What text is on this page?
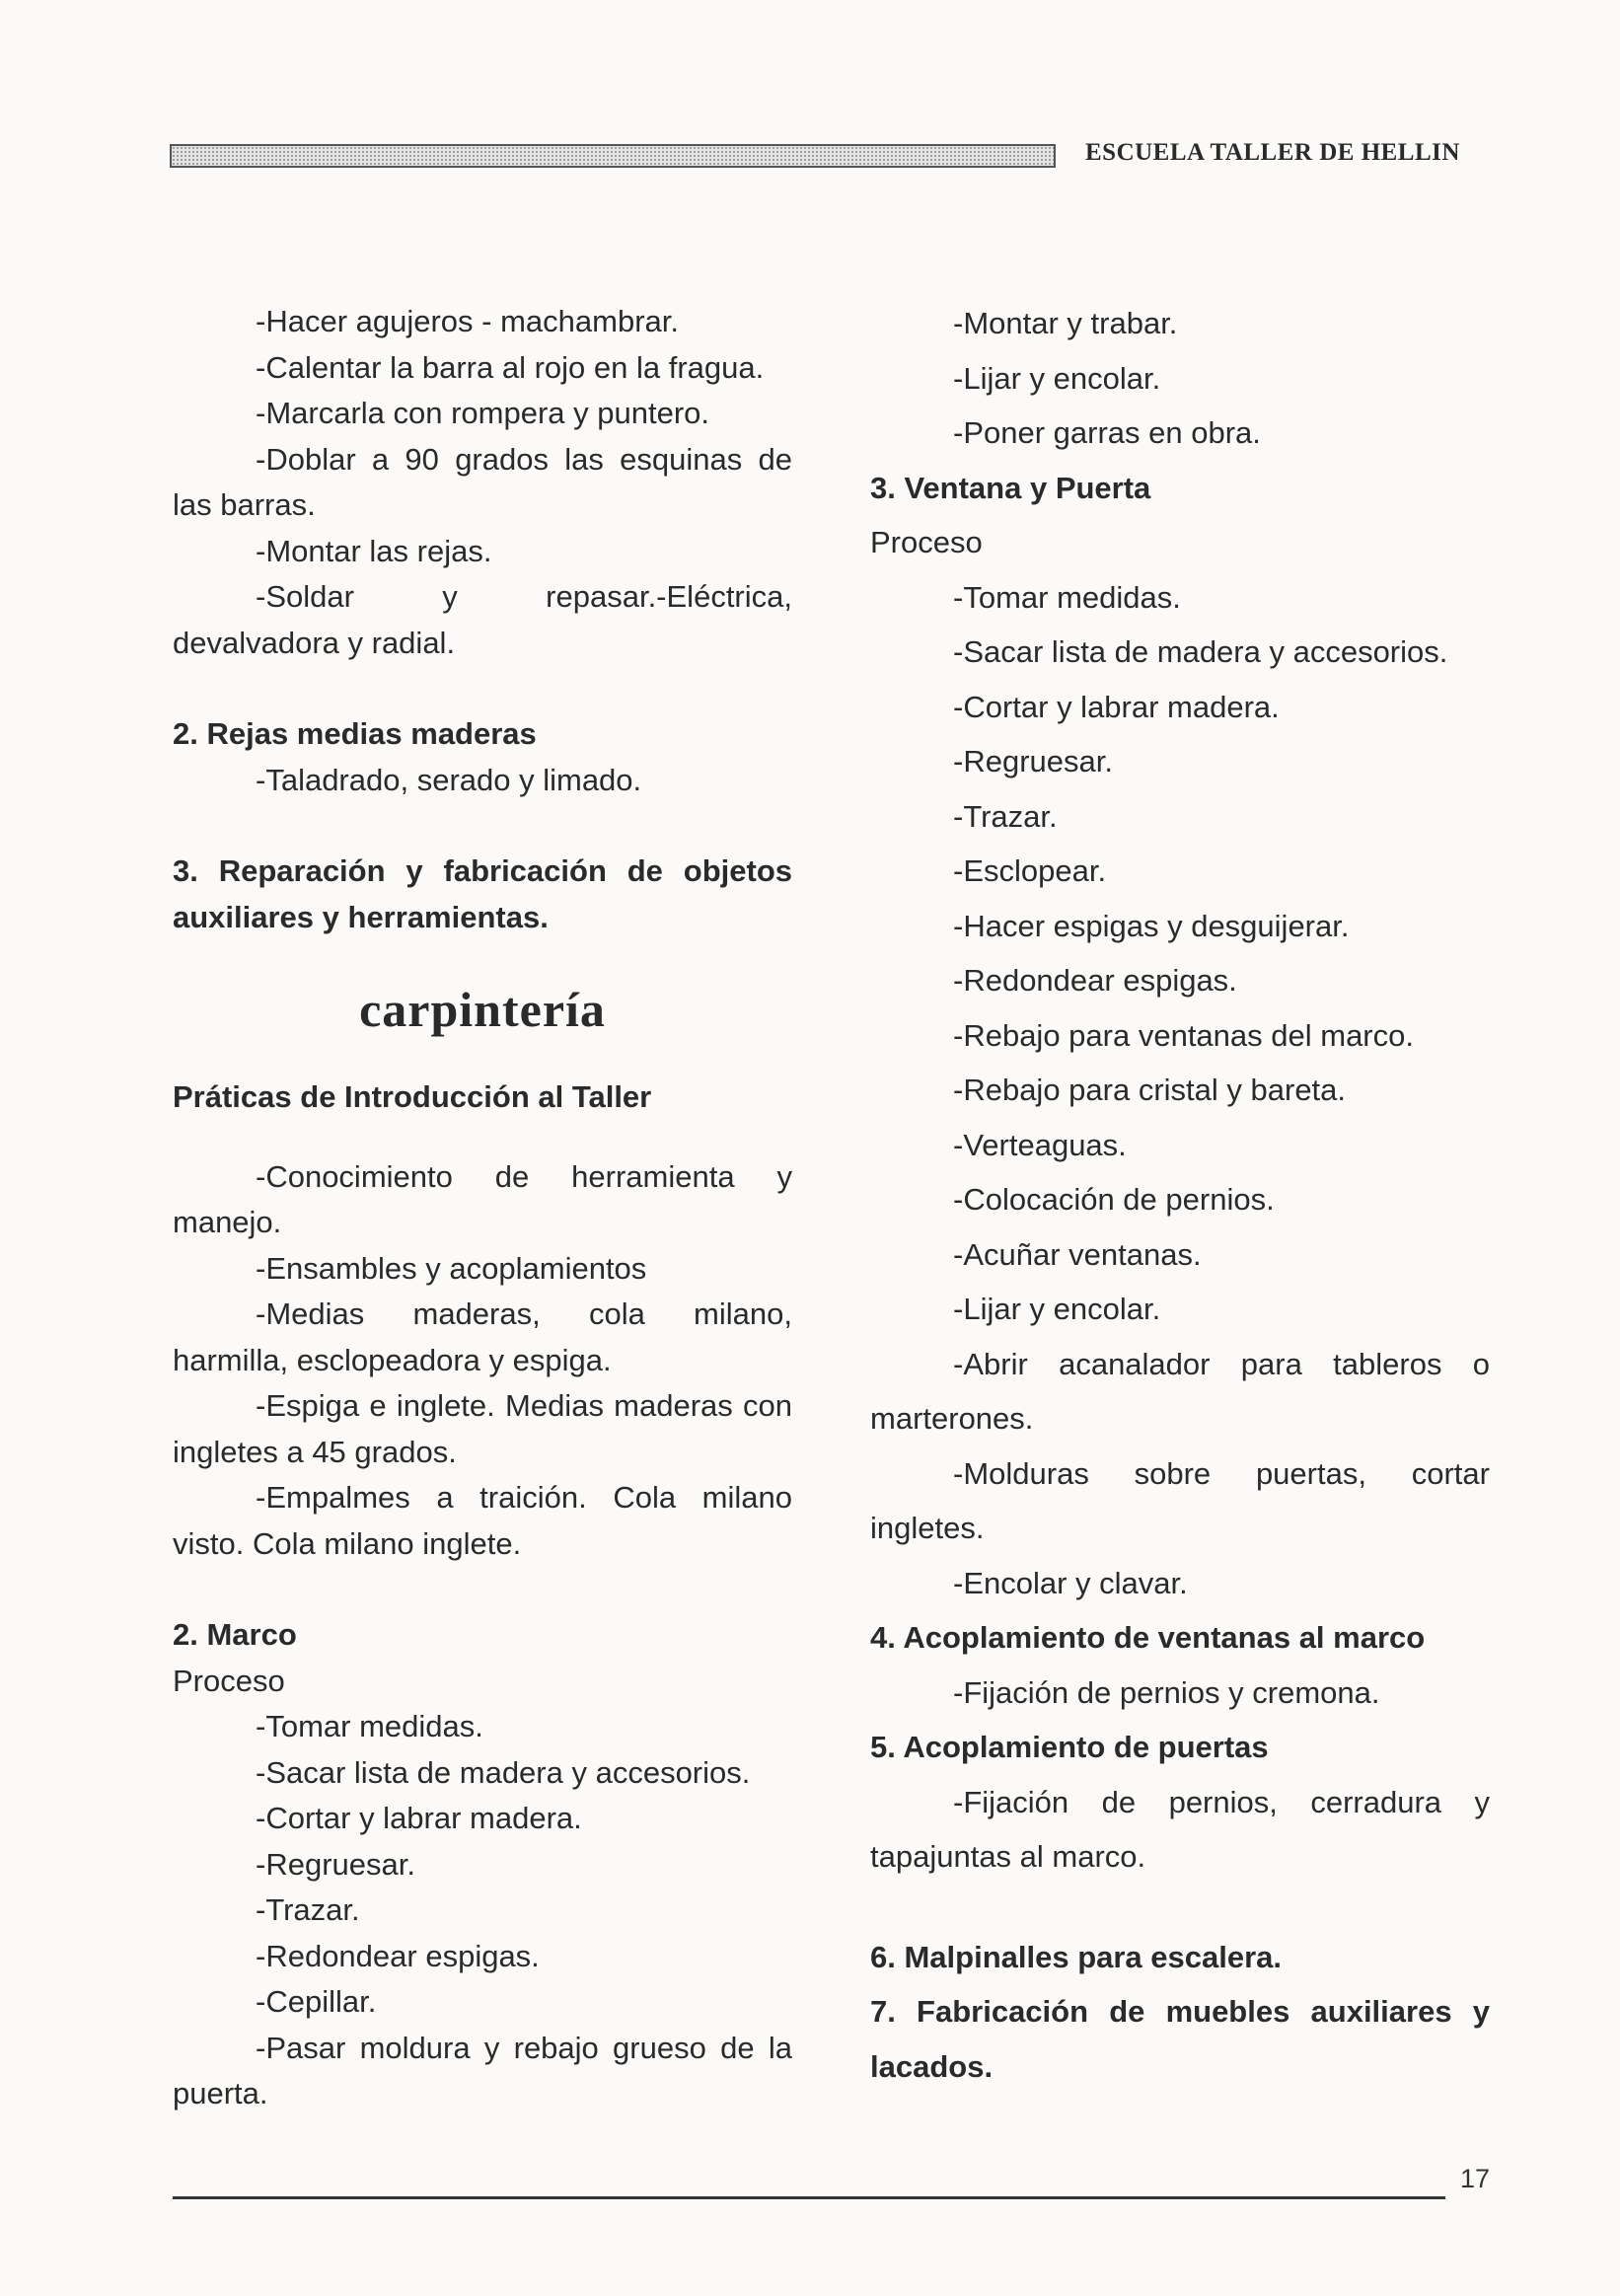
ESCUELA TALLER DE HELLIN

-Hacer agujeros - machambrar.

-Calentar la barra al rojo en la fragua.

-Marcarla con rompera y puntero.

-Doblar a 90 grados las esquinas de las barras.

-Montar las rejas.

-Soldar y repasar.-Eléctrica, devalvadora y radial.

2. Rejas medias maderas

-Taladrado, serado y limado.

3. Reparación y fabricación de objetos auxiliares y herramientas.

carpintería

Práticas de Introducción al Taller

-Conocimiento de herramienta y manejo.

-Ensambles y acoplamientos

-Medias maderas, cola milano, harmilla, esclopeadora y espiga.

-Espiga e inglete. Medias maderas con ingletes a 45 grados.

-Empalmes a traición. Cola milano visto. Cola milano inglete.

2. Marco

Proceso

-Tomar medidas.

-Sacar lista de madera y accesorios.

-Cortar y labrar madera.

-Regruesar.

-Trazar.

-Redondear espigas.

-Cepillar.

-Pasar moldura y rebajo grueso de la puerta.

-Montar y trabar.

-Lijar y encolar.

-Poner garras en obra.

3. Ventana y Puerta

Proceso

-Tomar medidas.

-Sacar lista de madera y accesorios.

-Cortar y labrar madera.

-Regruesar.

-Trazar.

-Esclopear.

-Hacer espigas y desguijerar.

-Redondear espigas.

-Rebajo para ventanas del marco.

-Rebajo para cristal y bareta.

-Verteaguas.

-Colocación de pernios.

-Acuñar ventanas.

-Lijar y encolar.

-Abrir acanalador para tableros o marterones.

-Molduras sobre puertas, cortar ingletes.

-Encolar y clavar.

4. Acoplamiento de ventanas al marco

-Fijación de pernios y cremona.

5. Acoplamiento de puertas

-Fijación de pernios, cerradura y tapajuntas al marco.

6. Malpinalles para escalera.

7. Fabricación de muebles auxiliares y lacados.

17
